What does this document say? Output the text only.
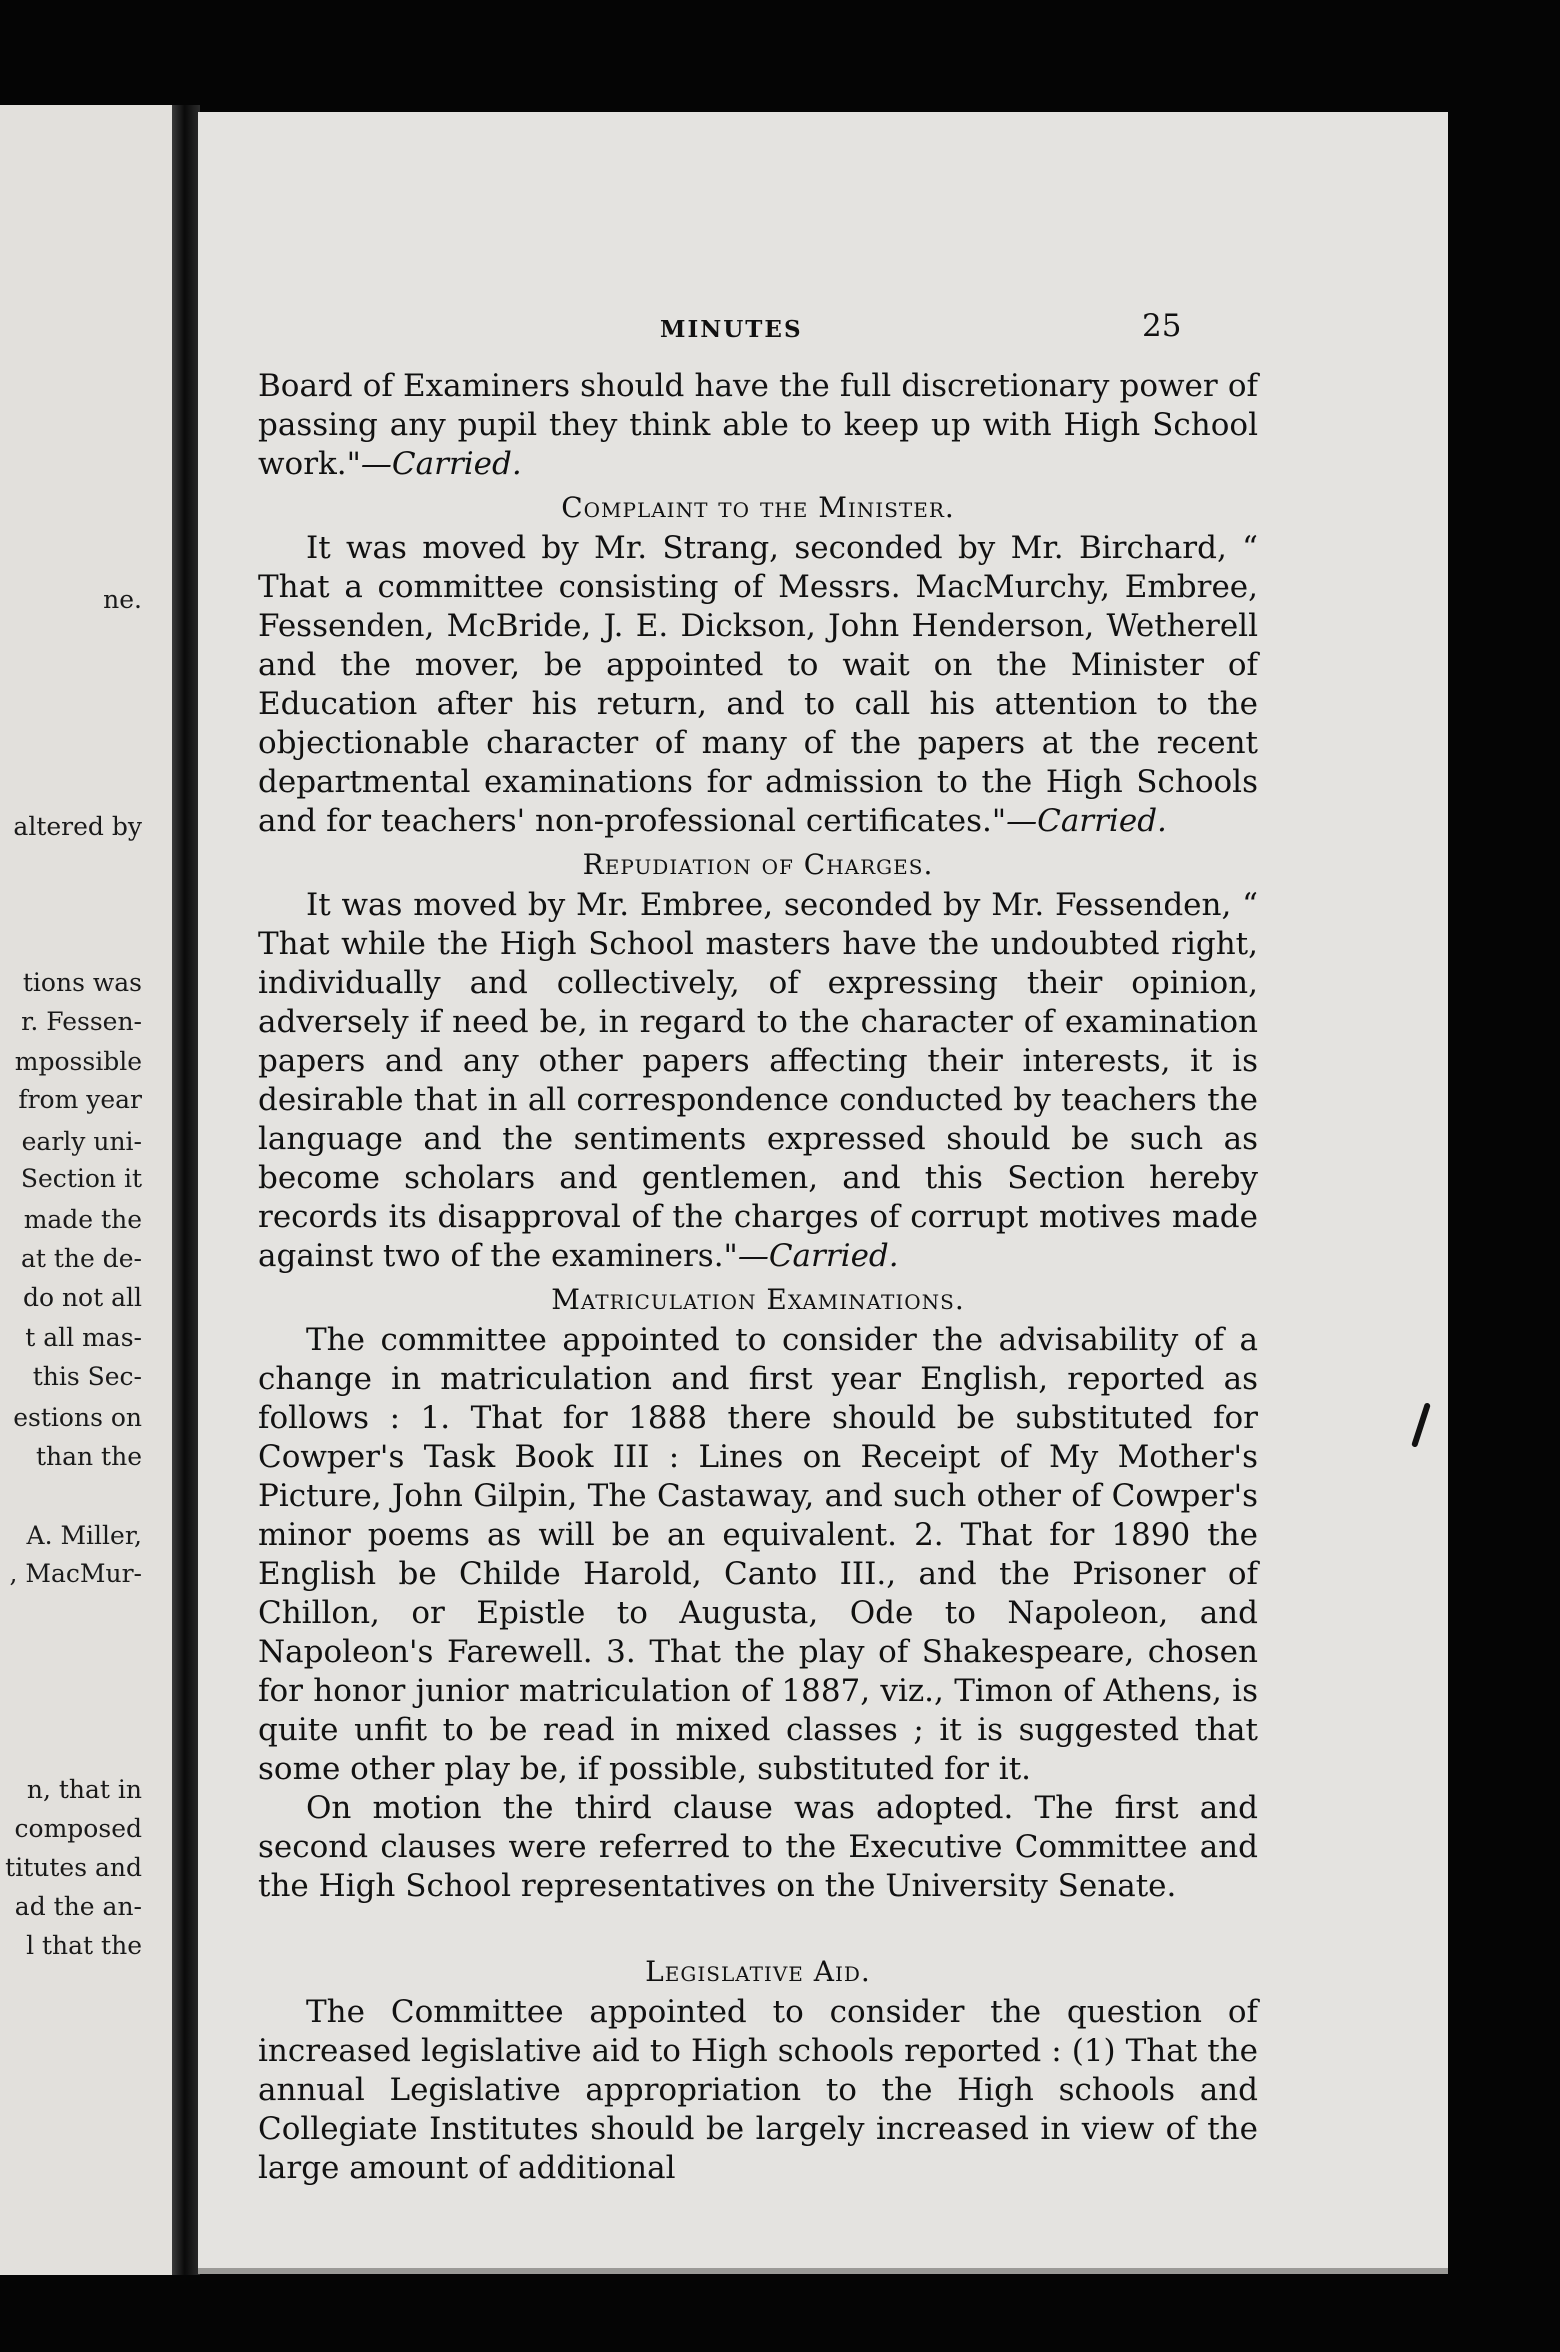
ne.
altered by
tions was
r. Fessen-
mpossible
from year
early uni-
Section it
made the
at the de-
do not all
t all mas-
this Sec-
estions on
than the
A. Miller,
, MacMur-
n, that in
composed
titutes and
ad the an-
l that the
MINUTES	25

Board of Examiners should have the full discretionary power of passing any pupil they think able to keep up with High School work."—Carried.

Complaint to the Minister.

It was moved by Mr. Strang, seconded by Mr. Birchard, “ That a committee consisting of Messrs. MacMurchy, Embree, Fessenden, McBride, J. E. Dickson, John Henderson, Wetherell and the mover, be appointed to wait on the Minister of Education after his return, and to call his attention to the objectionable character of many of the papers at the recent departmental examinations for admission to the High Schools and for teachers' non-professional certificates."—Carried.

Repudiation of Charges.

It was moved by Mr. Embree, seconded by Mr. Fessenden, “ That while the High School masters have the undoubted right, individually and collectively, of expressing their opinion, adversely if need be, in regard to the character of examination papers and any other papers affecting their interests, it is desirable that in all correspondence conducted by teachers the language and the sentiments expressed should be such as become scholars and gentlemen, and this Section hereby records its disapproval of the charges of corrupt motives made against two of the examiners."—Carried.

Matriculation Examinations.

The committee appointed to consider the advisability of a change in matriculation and first year English, reported as follows : 1. That for 1888 there should be substituted for Cowper's Task Book III : Lines on Receipt of My Mother's Picture, John Gilpin, The Castaway, and such other of Cowper's minor poems as will be an equivalent. 2. That for 1890 the English be Childe Harold, Canto III., and the Prisoner of Chillon, or Epistle to Augusta, Ode to Napoleon, and Napoleon's Farewell. 3. That the play of Shakespeare, chosen for honor junior matriculation of 1887, viz., Timon of Athens, is quite unfit to be read in mixed classes ; it is suggested that some other play be, if possible, substituted for it.

On motion the third clause was adopted. The first and second clauses were referred to the Executive Committee and the High School representatives on the University Senate.

Legislative Aid.

The Committee appointed to consider the question of increased legislative aid to High schools reported : (1) That the annual Legislative appropriation to the High schools and Collegiate Institutes should be largely increased in view of the large amount of additional
